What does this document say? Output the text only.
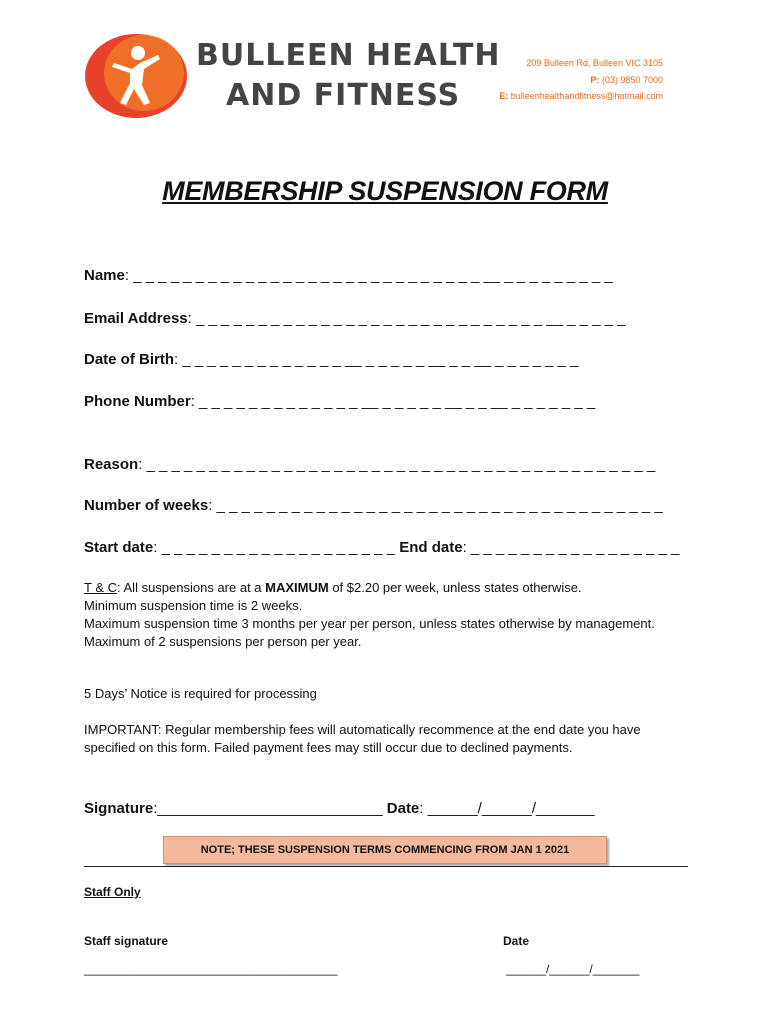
BULLEEN HEALTH
AND FITNESS
209 Bulleen Rd, Bulleen VIC 3105
P: (03) 9850 7000
E: bulleenhealthandfitness@hotmail.com
MEMBERSHIP SUSPENSION FORM
Name: _ _ _ _ _ _ _ _ _ _ _ _ _ _ _ _ _ _ _ _ _ _ _ _ _ _ _ _ __ _ _ _ _ _ _ _ _ _
Email Address: _ _ _ _ _ _ _ _ _ _ _ _ _ _ _ _ _ _ _ _ _ _ _ _ _ _ _ _ __ _ _ _ _ _
Date of Birth: _ _ _ _ _ _ _ _ _ _ _ _ _ __ _ _ _ _ _ __ _ _ __ _ _ _ _ _ _ _
Phone Number: _ _ _ _ _ _ _ _ _ _ _ _ _ __ _ _ _ _ _ __ _ _ __ _ _ _ _ _ _ _
Reason: _ _ _ _ _ _ _ _ _ _ _ _ _ _ _ _ _ _ _ _ _ _ _ _ _ _ _ _ _ _ _ _ _ _ _ _ _ _ _ _ _
Number of weeks: _ _ _ _ _ _ _ _ _ _ _ _ _ _ _ _ _ _ _ _ _ _ _ _ _ _ _ _ _ _ _ _ _ _ _ _
Start date: _ _ _ _ _ _ _ _ _ _ _ _ _ _ _ _ _ _ _ End date: _ _ _ _ _ _ _ _ _ _ _ _ _ _ _ _ _
T & C: All suspensions are at a MAXIMUM of $2.20 per week, unless states otherwise.
Minimum suspension time is 2 weeks.
Maximum suspension time 3 months per year per person, unless states otherwise by management.
Maximum of 2 suspensions per person per year.
5 Days’ Notice is required for processing
IMPORTANT: Regular membership fees will automatically recommence at the end date you have specified on this form. Failed payment fees may still occur due to declined payments.
Signature:___________________________ Date: ______/______/_______
NOTE; THESE SUSPENSION TERMS COMMENCING FROM JAN 1 2021
Staff Only
Staff signature	Date
______________________________________	______/______/_______
